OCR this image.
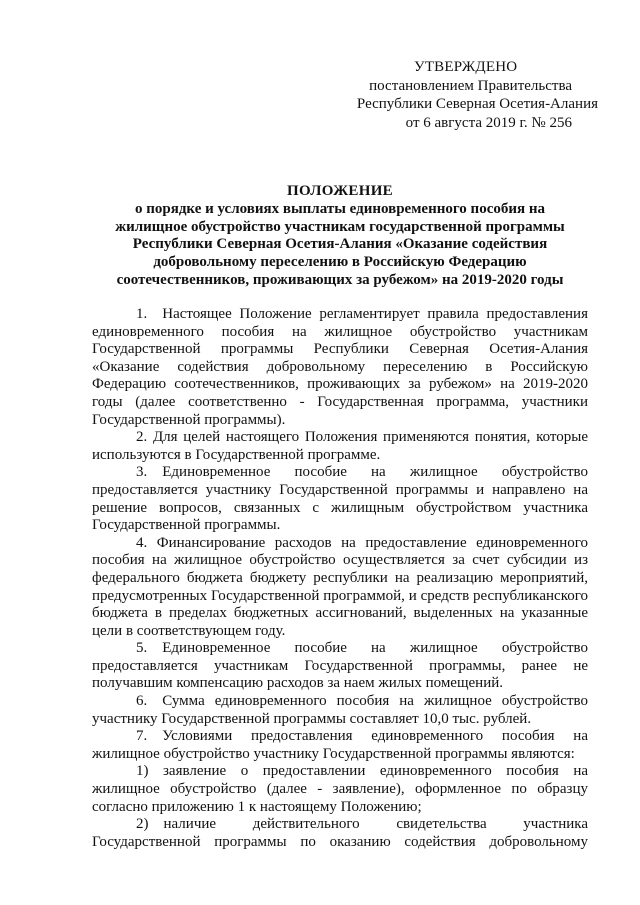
УТВЕРЖДЕНО
постановлением Правительства
Республики Северная Осетия-Алания
от 6 августа 2019 г. № 256
ПОЛОЖЕНИЕ
о порядке и условиях выплаты единовременного пособия на
жилищное обустройство участникам государственной программы
Республики Северная Осетия-Алания «Оказание содействия
добровольному переселению в Российскую Федерацию
соотечественников, проживающих за рубежом» на 2019-2020 годы

1. Настоящее Положение регламентирует правила предоставления единовременного пособия на жилищное обустройство участникам Государственной программы Республики Северная Осетия-Алания «Оказание содействия добровольному переселению в Российскую Федерацию соотечественников, проживающих за рубежом» на 2019-2020 годы (далее соответственно - Государственная программа, участники Государственной программы).

2. Для целей настоящего Положения применяются понятия, которые используются в Государственной программе.

3. Единовременное пособие на жилищное обустройство предоставляется участнику Государственной программы и направлено на решение вопросов, связанных с жилищным обустройством участника Государственной программы.

4. Финансирование расходов на предоставление единовременного пособия на жилищное обустройство осуществляется за счет субсидии из федерального бюджета бюджету республики на реализацию мероприятий, предусмотренных Государственной программой, и средств республиканского бюджета в пределах бюджетных ассигнований, выделенных на указанные цели в соответствующем году.

5. Единовременное пособие на жилищное обустройство предоставляется участникам Государственной программы, ранее не получавшим компенсацию расходов за наем жилых помещений.

6. Сумма единовременного пособия на жилищное обустройство участнику Государственной программы составляет 10,0 тыс. рублей.

7. Условиями предоставления единовременного пособия на жилищное обустройство участнику Государственной программы являются:

1) заявление о предоставлении единовременного пособия на жилищное обустройство (далее - заявление), оформленное по образцу согласно приложению 1 к настоящему Положению;

2) наличие действительного свидетельства участника Государственной программы по оказанию содействия добровольному
